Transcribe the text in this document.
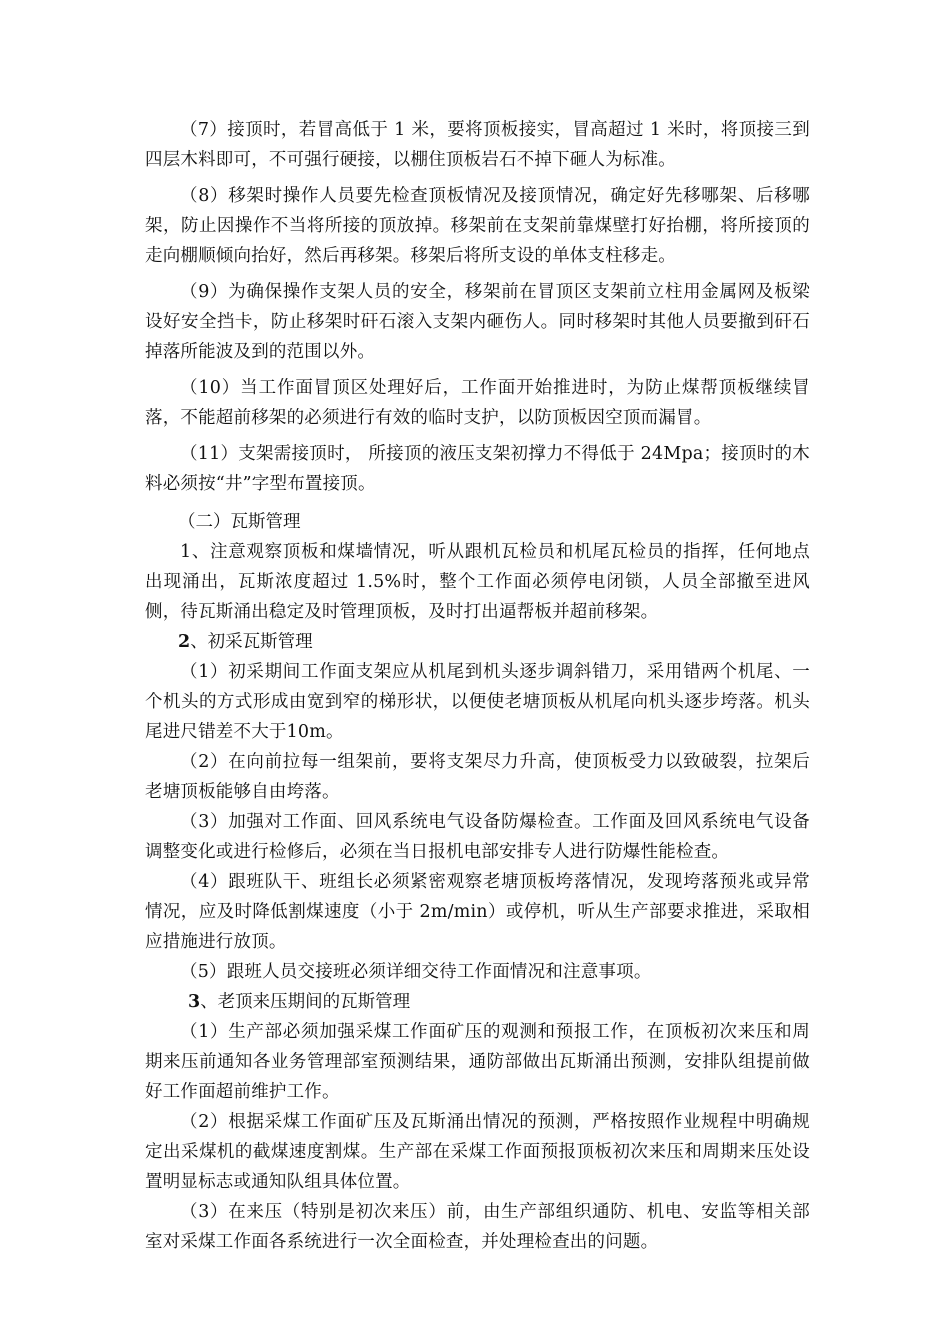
（7）接顶时，若冒高低于 1 米，要将顶板接实，冒高超过 1 米时，将顶接三到四层木料即可，不可强行硬接，以棚住顶板岩石不掉下砸人为标准。

（8）移架时操作人员要先检查顶板情况及接顶情况，确定好先移哪架、后移哪架，防止因操作不当将所接的顶放掉。移架前在支架前靠煤壁打好抬棚，将所接顶的走向棚顺倾向抬好，然后再移架。移架后将所支设的单体支柱移走。

（9）为确保操作支架人员的安全，移架前在冒顶区支架前立柱用金属网及板梁设好安全挡卡，防止移架时矸石滚入支架内砸伤人。同时移架时其他人员要撤到矸石掉落所能波及到的范围以外。

（10）当工作面冒顶区处理好后，工作面开始推进时，为防止煤帮顶板继续冒落，不能超前移架的必须进行有效的临时支护，以防顶板因空顶而漏冒。

（11）支架需接顶时， 所接顶的液压支架初撑力不得低于 24Mpa；接顶时的木料必须按“井”字型布置接顶。

（二）瓦斯管理

1、注意观察顶板和煤墙情况，听从跟机瓦检员和机尾瓦检员的指挥，任何地点出现涌出，瓦斯浓度超过 1.5%时，整个工作面必须停电闭锁，人员全部撤至进风侧，待瓦斯涌出稳定及时管理顶板，及时打出逼帮板并超前移架。

2、初采瓦斯管理

（1）初采期间工作面支架应从机尾到机头逐步调斜错刀，采用错两个机尾、一个机头的方式形成由宽到窄的梯形状，以便使老塘顶板从机尾向机头逐步垮落。机头尾进尺错差不大于10m。

（2）在向前拉每一组架前，要将支架尽力升高，使顶板受力以致破裂，拉架后老塘顶板能够自由垮落。

（3）加强对工作面、回风系统电气设备防爆检查。工作面及回风系统电气设备调整变化或进行检修后，必须在当日报机电部安排专人进行防爆性能检查。

（4）跟班队干、班组长必须紧密观察老塘顶板垮落情况，发现垮落预兆或异常情况，应及时降低割煤速度（小于 2m/min）或停机，听从生产部要求推进，采取相应措施进行放顶。

（5）跟班人员交接班必须详细交待工作面情况和注意事项。

3、老顶来压期间的瓦斯管理

（1）生产部必须加强采煤工作面矿压的观测和预报工作，在顶板初次来压和周期来压前通知各业务管理部室预测结果，通防部做出瓦斯涌出预测，安排队组提前做好工作面超前维护工作。

（2）根据采煤工作面矿压及瓦斯涌出情况的预测，严格按照作业规程中明确规定出采煤机的截煤速度割煤。生产部在采煤工作面预报顶板初次来压和周期来压处设置明显标志或通知队组具体位置。

（3）在来压（特别是初次来压）前，由生产部组织通防、机电、安监等相关部室对采煤工作面各系统进行一次全面检查，并处理检查出的问题。
